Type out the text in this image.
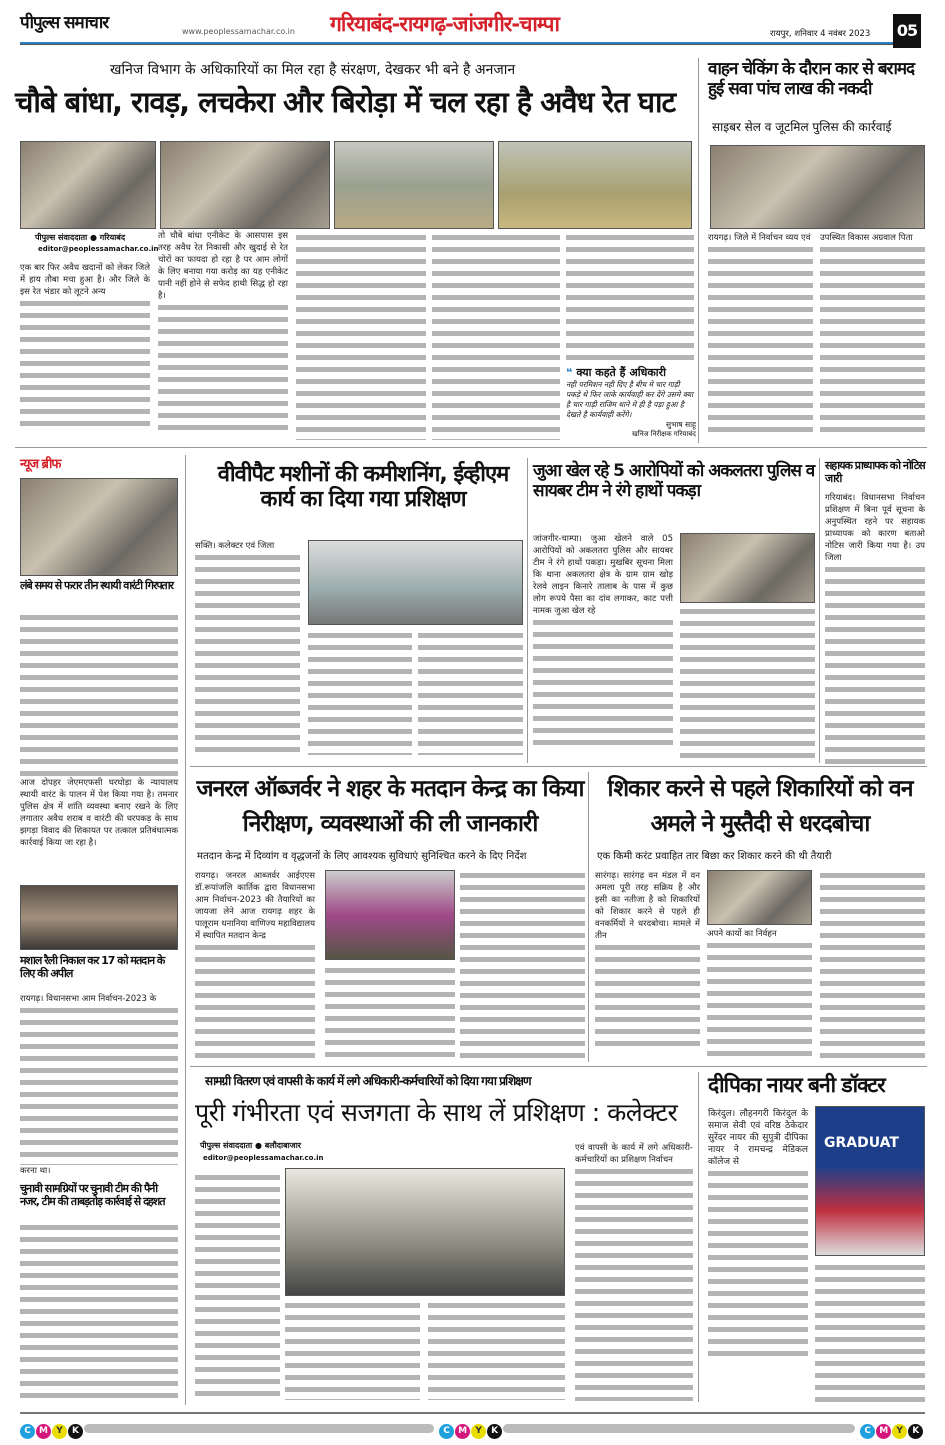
पीपुल्स समाचार	www.peoplessamachar.co.in गरियाबंद-रायगढ़-जांजगीर-चाम्पा	रायपुर, शनिवार 4 नवंबर 2023 05
खनिज विभाग के अधिकारियों का मिल रहा है संरक्षण, देखकर भी बने है अनजान
चौबे बांधा, रावड़, लचकेरा और बिरोड़ा में चल रहा है अवैध रेत घाट
पीपुल्स संवाददाता ● गरियाबंद
editor@peoplessamachar.co.in
एक बार फिर अवैध खदानों को लेकर जिले में हाय तौबा मचा हुआ है। और जिले के इस रेत भंडार को लूटने अन्य
तो चौबे बांधा एनीकेट के आसपास इस तरह अवैध रेत निकासी और खुदाई से रेत चोरों का फायदा हो रहा है पर आम लोगों के लिए बनाया गया करोड़ का यह एनीकेट पानी नहीं होने से सफेद हाथी सिद्ध हो रहा है।
❝ क्या कहते हैं अधिकारी
नही परमिशन नही दिए है बीच मे चार गाड़ी पकड़े थे फिर जाके कार्यवाही कर देंगे उसमे क्या है चार गाड़ी राजिम थाने मे ही है पड़ा हुआ है देखते है कार्यवाही करेंगे।
सुभाष साहू
खनिज निरीक्षक गरियाबंद
वाहन चेकिंग के दौरान कार से बरामद हुई सवा पांच लाख की नकदी
साइबर सेल व जूटमिल पुलिस की कार्रवाई
रायगढ़। जिले में निर्वाचन व्यय एवं	उपस्थित विकास अग्रवाल पिता
न्यूज ब्रीफ
लंबे समय से फरार तीन स्थायी वारंटी गिरफ्तार
आज दोपहर जेएमएफसी घरघोड़ा के न्यायालय स्थायी वारंट के पालन में पेश किया गया है। तमनार पुलिस क्षेत्र में शांति व्यवस्था बनाए रखने के लिए लगातार अवैध शराब व वारंटी की धरपकड़ के साथ झगड़ा विवाद की शिकायत पर तत्काल प्रतिबंधात्मक कार्रवाई किया जा रहा है।
मशाल रैली निकाल कर 17 को मतदान के लिए की अपील
रायगढ़। विधानसभा आम निर्वाचन-2023 के
करना था।
चुनावी सामग्रियों पर चुनावी टीम की पैनी नजर, टीम की ताबड़तोड़ कार्रवाई से दहशत
वीवीपैट मशीनों की कमीशनिंग, ईव्हीएम कार्य का दिया गया प्रशिक्षण
सक्ति। कलेक्टर एवं जिला
जुआ खेल रहे 5 आरोपियों को अकलतरा पुलिस व सायबर टीम ने रंगे हाथों पकड़ा
जांजगीर-चाम्पा। जुआ खेलने वाले 05 आरोपियों को अकलतरा पुलिस और सायबर टीम ने रंगे हाथों पकड़ा। मुखबिर सूचना मिला कि थाना अकलतरा क्षेत्र के ग्राम ग्राम खोड़ रेलवे लाइन किनारे तालाब के पास में कुछ लोग रूपये पैसा का दांव लगाकर, काट पत्ती नामक जुआ खेल रहे
सहायक प्राध्यापक को नोटिस जारी
गरियाबंद। विधानसभा निर्वाचन प्रशिक्षण में बिना पूर्व सूचना के अनुपस्थित रहने पर सहायक प्राध्यापक को कारण बताओ नोटिस जारी किया गया है। उप जिला
जनरल ऑब्जर्वर ने शहर के मतदान केन्द्र का किया निरीक्षण, व्यवस्थाओं की ली जानकारी
मतदान केन्द्र में दिव्यांग व वृद्धजनों के लिए आवश्यक सुविधाएं सुनिश्चित करने के दिए निर्देश
रायगढ़। जनरल आब्जर्वर आईएएस डॉ.रूपांजलि कार्तिक द्वारा विधानसभा आम निर्वाचन-2023 की तैयारियों का जायजा लेने आज रायगढ़ शहर के पालूराम धनानिया वाणिज्य महाविद्यालय में स्थापित मतदान केन्द्र
शिकार करने से पहले शिकारियों को वन अमले ने मुस्तैदी से धरदबोचा
एक किमी करंट प्रवाहित तार बिछा कर शिकार करने की थी तैयारी
सारंगढ़। सारंगढ़ वन मंडल में वन अमला पूरी तरह सक्रिय है और इसी का नतीजा है को शिकारियों को शिकार करने से पहले ही वनकर्मियों ने धरदबोचा। मामले में तीन	अपने कार्यो का निर्वहन
सामग्री वितरण एवं वापसी के कार्य में लगे अधिकारी-कर्मचारियों को दिया गया प्रशिक्षण
पूरी गंभीरता एवं सजगता के साथ लें प्रशिक्षण : कलेक्टर
पीपुल्स संवाददाता ● बलौदाबाजार
editor@peoplessamachar.co.in
एवं वापसी के कार्य में लगे अधिकारी-कर्मचारियों का प्रशिक्षण निर्वाचन
दीपिका नायर बनी डॉक्टर
किरंदुल। लौहनगरी किरंदुल के समाज सेवी एवं वरिष्ठ ठेकेदार सुरेंदर नायर की सुपुत्री दीपिका नायर ने रामचन्द्र मेडिकल कॉलेज से
GRADUAT
C M Y K	C M Y K	C M Y K
